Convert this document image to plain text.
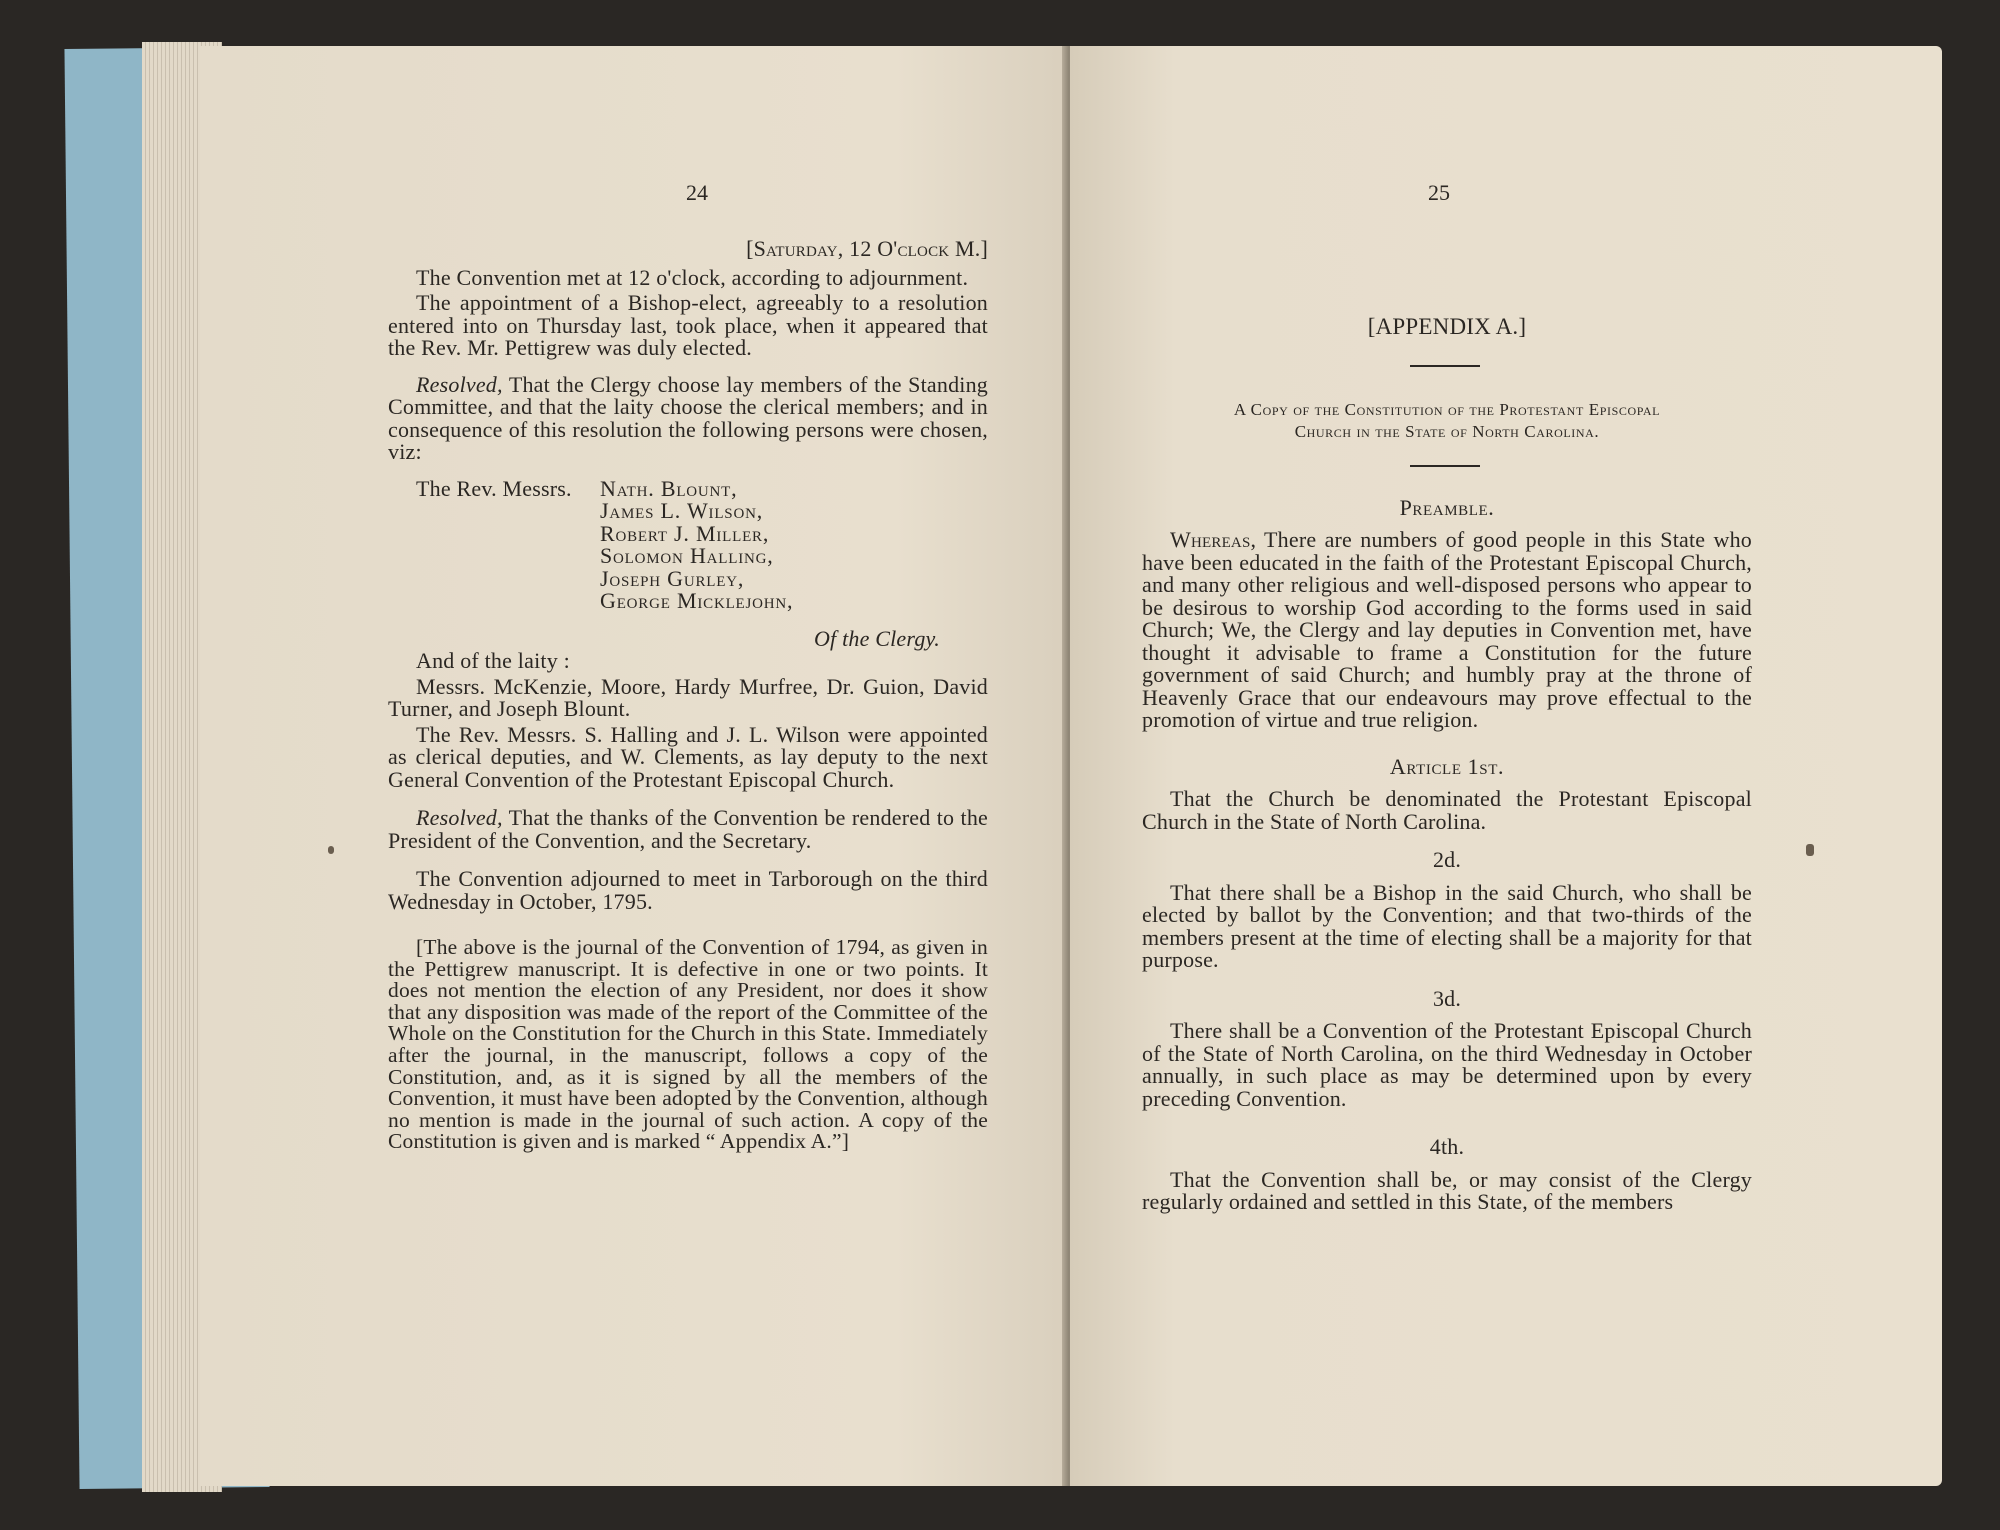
24

[Saturday, 12 O'clock M.]

The Convention met at 12 o'clock, according to adjournment.

The appointment of a Bishop-elect, agreeably to a resolution entered into on Thursday last, took place, when it appeared that the Rev. Mr. Pettigrew was duly elected.

Resolved, That the Clergy choose lay members of the Standing Committee, and that the laity choose the clerical members; and in consequence of this resolution the following persons were chosen, viz:

The Rev. Messrs. Nath. Blount,
James L. Wilson,
Robert J. Miller,
Solomon Halling,
Joseph Gurley,
George Micklejohn,

Of the Clergy.

And of the laity :

Messrs. McKenzie, Moore, Hardy Murfree, Dr. Guion, David Turner, and Joseph Blount.

The Rev. Messrs. S. Halling and J. L. Wilson were appointed as clerical deputies, and W. Clements, as lay deputy to the next General Convention of the Protestant Episcopal Church.

Resolved, That the thanks of the Convention be rendered to the President of the Convention, and the Secretary.

The Convention adjourned to meet in Tarborough on the third Wednesday in October, 1795.

[The above is the journal of the Convention of 1794, as given in the Pettigrew manuscript. It is defective in one or two points. It does not mention the election of any President, nor does it show that any disposition was made of the report of the Committee of the Whole on the Constitution for the Church in this State. Immediately after the journal, in the manuscript, follows a copy of the Constitution, and, as it is signed by all the members of the Convention, it must have been adopted by the Convention, although no mention is made in the journal of such action. A copy of the Constitution is given and is marked “ Appendix A.”]

25

[APPENDIX A.]

A Copy of the Constitution of the Protestant Episcopal

Church in the State of North Carolina.

Preamble.

Whereas, There are numbers of good people in this State who have been educated in the faith of the Protestant Episcopal Church, and many other religious and well-disposed persons who appear to be desirous to worship God according to the forms used in said Church; We, the Clergy and lay deputies in Convention met, have thought it advisable to frame a Constitution for the future government of said Church; and humbly pray at the throne of Heavenly Grace that our endeavours may prove effectual to the promotion of virtue and true religion.

Article 1st.

That the Church be denominated the Protestant Episcopal Church in the State of North Carolina.

2d.

That there shall be a Bishop in the said Church, who shall be elected by ballot by the Convention; and that two-thirds of the members present at the time of electing shall be a majority for that purpose.

3d.

There shall be a Convention of the Protestant Episcopal Church of the State of North Carolina, on the third Wednesday in October annually, in such place as may be determined upon by every preceding Convention.

4th.

That the Convention shall be, or may consist of the Clergy regularly ordained and settled in this State, of the members
